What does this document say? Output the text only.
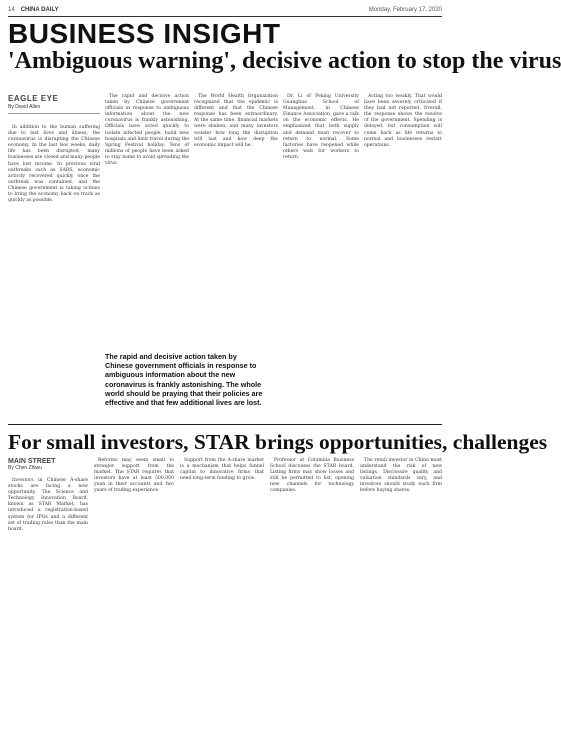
14 CHINA DAILY	Monday, February 17, 2020
BUSINESS INSIGHT
'Ambiguous warning', decisive action to stop the virus
EAGLE EYE
By David Allen

In addition to the human suffering due to lost lives and illness, the coronavirus is disrupting the Chinese economy. In the last few weeks, daily life has been disrupted, many businesses are closed and many people have lost income. In previous viral outbreaks such as SARS, economic activity recovered quickly once the outbreak was contained, and the Chinese government is taking actions to bring the economy back on track as quickly as possible.

The rapid and decisive action taken by Chinese government officials in response to ambiguous information about the new coronavirus is frankly astonishing. Officials have acted quickly to isolate infected people, build new hospitals and limit travel during the Spring Festival holiday. Tens of millions of people have been asked to stay home to avoid spreading the virus.

The World Health Organization recognized that the epidemic is different and that the Chinese response has been extraordinary. At the same time, financial markets were shaken, and many investors wonder how long the disruption will last and how deep the economic impact will be.

Dr. Li of Peking University Guanghua School of Management, in Chinese Finance Association, gave a talk on the economic effects. He emphasized that both supply and demand must recover to return to normal. Some factories have reopened while others wait for workers to return.

Acting too weakly. That would have been severely criticized if they had not reported. Overall, the response shows the resolve of the government. Spending is delayed, but consumption will come back as life returns to normal and businesses restart operations.

The rapid and decisive action taken by Chinese government officials in response to ambiguous information about the new coronavirus is frankly astonishing. The whole world should be praying that their policies are effective and that few additional lives are lost.
For small investors, STAR brings opportunities, challenges
MAIN STREET
By Chen Zhiwu

Investors in Chinese A-share stocks are facing a new opportunity. The Science and Technology Innovation Board, known as STAR Market, has introduced a registration-based system for IPOs and a different set of trading rules than the main board.

Reforms may seem small to stronger support from the market. The STAR requires that investors have at least 500,000 yuan in their accounts and two years of trading experience.

Support from the A-share market is a mechanism that helps funnel capital to innovative firms that need long-term funding to grow.

Professor at Columbia Business School discusses the STAR board. Listing firms may show losses and still be permitted to list, opening new channels for technology companies.

The retail investor in China must understand the risk of new listings. Disclosure quality and valuation standards vary, and investors should study each firm before buying shares.
